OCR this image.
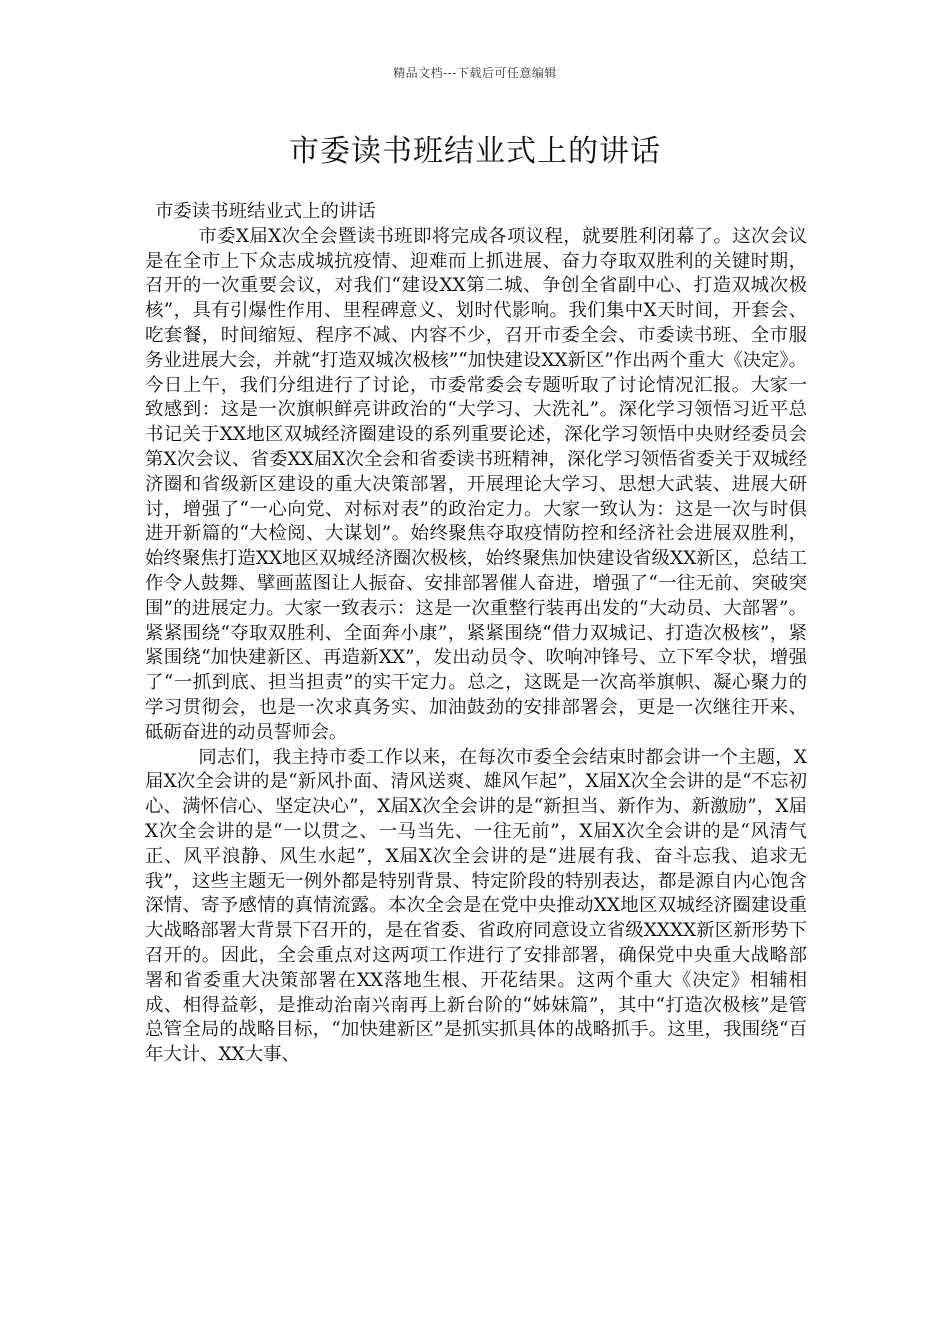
精品文档---下载后可任意编辑
市委读书班结业式上的讲话

市委读书班结业式上的讲话

市委X届X次全会暨读书班即将完成各项议程，就要胜利闭幕了。这次会议是在全市上下众志成城抗疫情、迎难而上抓进展、奋力夺取双胜利的关键时期，召开的一次重要会议，对我们“建设XX第二城、争创全省副中心、打造双城次极核”，具有引爆性作用、里程碑意义、划时代影响。我们集中X天时间，开套会、吃套餐，时间缩短、程序不减、内容不少，召开市委全会、市委读书班、全市服务业进展大会，并就“打造双城次极核”“加快建设XX新区”作出两个重大《决定》。今日上午，我们分组进行了讨论，市委常委会专题听取了讨论情况汇报。大家一致感到：这是一次旗帜鲜亮讲政治的“大学习、大洗礼”。深化学习领悟习近平总书记关于XX地区双城经济圈建设的系列重要论述，深化学习领悟中央财经委员会第X次会议、省委XX届X次全会和省委读书班精神，深化学习领悟省委关于双城经济圈和省级新区建设的重大决策部署，开展理论大学习、思想大武装、进展大研讨，增强了“一心向党、对标对表”的政治定力。大家一致认为：这是一次与时俱进开新篇的“大检阅、大谋划”。始终聚焦夺取疫情防控和经济社会进展双胜利，始终聚焦打造XX地区双城经济圈次极核，始终聚焦加快建设省级XX新区，总结工作令人鼓舞、擘画蓝图让人振奋、安排部署催人奋进，增强了“一往无前、突破突围”的进展定力。大家一致表示：这是一次重整行装再出发的“大动员、大部署”。紧紧围绕“夺取双胜利、全面奔小康”，紧紧围绕“借力双城记、打造次极核”，紧紧围绕“加快建新区、再造新XX”，发出动员令、吹响冲锋号、立下军令状，增强了“一抓到底、担当担责”的实干定力。总之，这既是一次高举旗帜、凝心聚力的学习贯彻会，也是一次求真务实、加油鼓劲的安排部署会，更是一次继往开来、砥砺奋进的动员誓师会。

同志们，我主持市委工作以来，在每次市委全会结束时都会讲一个主题，X届X次全会讲的是“新风扑面、清风送爽、雄风乍起”，X届X次全会讲的是“不忘初心、满怀信心、坚定决心”，X届X次全会讲的是“新担当、新作为、新激励”，X届X次全会讲的是“一以贯之、一马当先、一往无前”，X届X次全会讲的是“风清气正、风平浪静、风生水起”，X届X次全会讲的是“进展有我、奋斗忘我、追求无我”，这些主题无一例外都是特别背景、特定阶段的特别表达，都是源自内心饱含深情、寄予感情的真情流露。本次全会是在党中央推动XX地区双城经济圈建设重大战略部署大背景下召开的，是在省委、省政府同意设立省级XXXX新区新形势下召开的。因此，全会重点对这两项工作进行了安排部署，确保党中央重大战略部署和省委重大决策部署在XX落地生根、开花结果。这两个重大《决定》相辅相成、相得益彰，是推动治南兴南再上新台阶的“姊妹篇”，其中“打造次极核”是管总管全局的战略目标，“加快建新区”是抓实抓具体的战略抓手。这里，我围绕“百年大计、XX大事、
